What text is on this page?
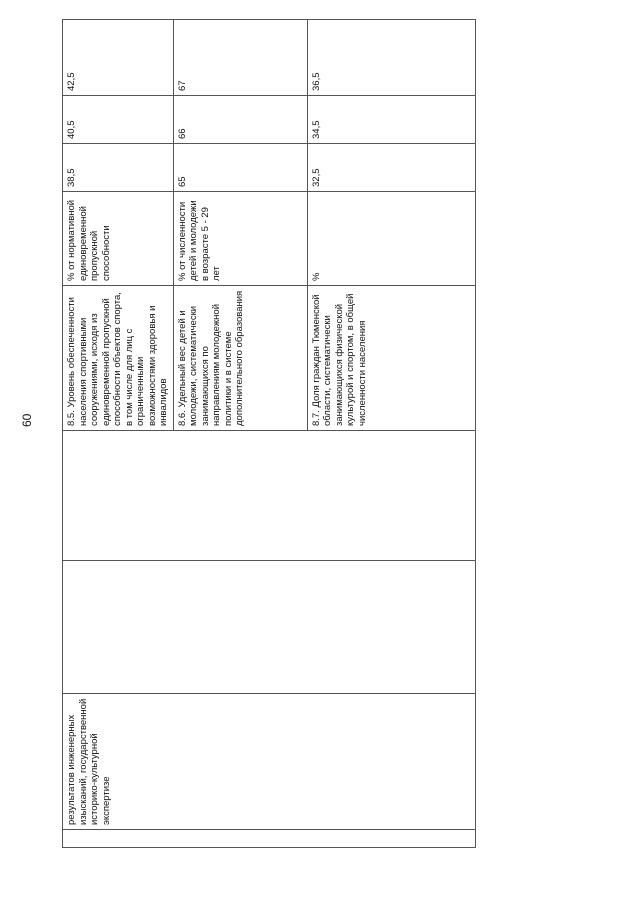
60
	результатов инженерных изысканий, государственной историко-культурной экспертизе			8.5. Уровень обеспеченности населения спортивными сооружениями, исходя из единовременной пропускной способности объектов спорта, в том числе для лиц с ограниченными возможностями здоровья и инвалидов	% от нормативной единовременной пропускной способности	38,5	40,5	42,5
				8.6. Удельный вес детей и молодежи, систематически занимающихся по направлениям молодежной политики и в системе дополнительного образования	% от численности детей и молодежи в возрасте 5 - 29 лет	65	66	67
				8.7. Доля граждан Тюменской области, систематически занимающихся физической культурой и спортом, в общей численности населения	%	32,5	34,5	36,5
